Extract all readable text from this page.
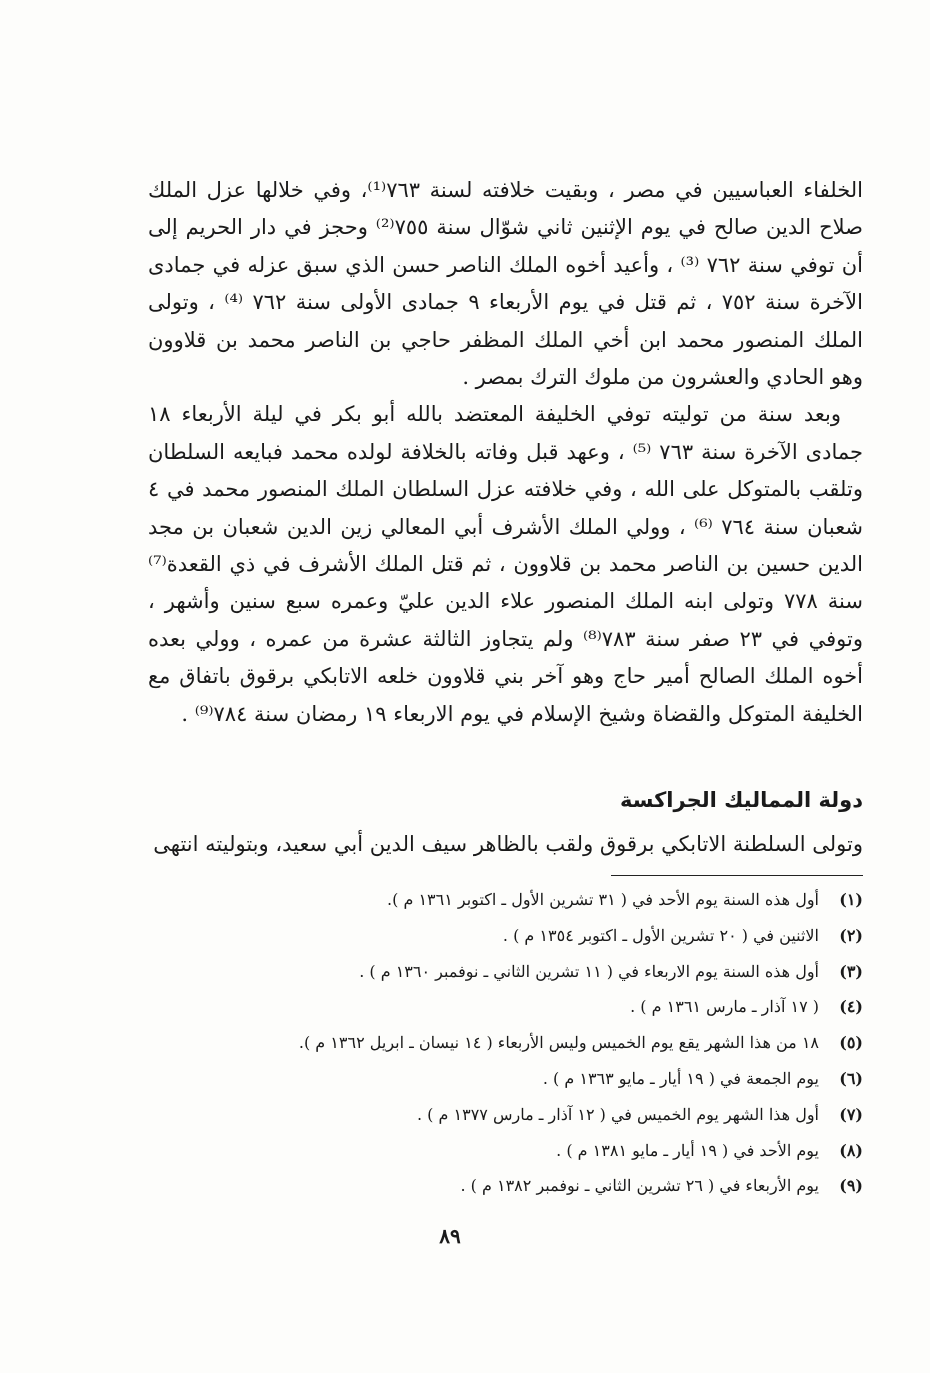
الخلفاء العباسيين في مصر ، وبقيت خلافته لسنة ٧٦٣⁽¹⁾، وفي خلالها عزل الملك صلاح الدين صالح في يوم الإثنين ثاني شوّال سنة ٧٥٥⁽²⁾ وحجز في دار الحريم إلى أن توفي سنة ٧٦٢ ⁽³⁾ ، وأعيد أخوه الملك الناصر حسن الذي سبق عزله في جمادى الآخرة سنة ٧٥٢ ، ثم قتل في يوم الأربعاء ٩ جمادى الأولى سنة ٧٦٢ ⁽⁴⁾ ، وتولى الملك المنصور محمد ابن أخي الملك المظفر حاجي بن الناصر محمد بن قلاوون وهو الحادي والعشرون من ملوك الترك بمصر .

وبعد سنة من توليته توفي الخليفة المعتضد بالله أبو بكر في ليلة الأربعاء ١٨ جمادى الآخرة سنة ٧٦٣ ⁽⁵⁾ ، وعهد قبل وفاته بالخلافة لولده محمد فبايعه السلطان وتلقب بالمتوكل على الله ، وفي خلافته عزل السلطان الملك المنصور محمد في ٤ شعبان سنة ٧٦٤ ⁽⁶⁾ ، وولي الملك الأشرف أبي المعالي زين الدين شعبان بن مجد الدين حسين بن الناصر محمد بن قلاوون ، ثم قتل الملك الأشرف في ذي القعدة⁽⁷⁾ سنة ٧٧٨ وتولى ابنه الملك المنصور علاء الدين عليّ وعمره سبع سنين وأشهر ، وتوفي في ٢٣ صفر سنة ٧٨٣⁽⁸⁾ ولم يتجاوز الثالثة عشرة من عمره ، وولي بعده أخوه الملك الصالح أمير حاج وهو آخر بني قلاوون خلعه الاتابكي برقوق باتفاق مع الخليفة المتوكل والقضاة وشيخ الإسلام في يوم الاربعاء ١٩ رمضان سنة ٧٨٤⁽⁹⁾ .

دولة المماليك الجراكسة
وتولى السلطنة الاتابكي برقوق ولقب بالظاهر سيف الدين أبي سعيد، وبتوليته انتهى
(١)
أول هذه السنة يوم الأحد في ( ٣١ تشرين الأول ـ اكتوبر ١٣٦١ م ).
(٢)
الاثنين في ( ٢٠ تشرين الأول ـ اكتوبر ١٣٥٤ م ) .
(٣)
أول هذه السنة يوم الاربعاء في ( ١١ تشرين الثاني ـ نوفمبر ١٣٦٠ م ) .
(٤)
( ١٧ آذار ـ مارس ١٣٦١ م ) .
(٥)
١٨ من هذا الشهر يقع يوم الخميس وليس الأربعاء ( ١٤ نيسان ـ ابريل ١٣٦٢ م ).
(٦)
يوم الجمعة في ( ١٩ أيار ـ مايو ١٣٦٣ م ) .
(٧)
أول هذا الشهر يوم الخميس في ( ١٢ آذار ـ مارس ١٣٧٧ م ) .
(٨)
يوم الأحد في ( ١٩ أيار ـ مايو ١٣٨١ م ) .
(٩)
يوم الأربعاء في ( ٢٦ تشرين الثاني ـ نوفمبر ١٣٨٢ م ) .
٨٩
